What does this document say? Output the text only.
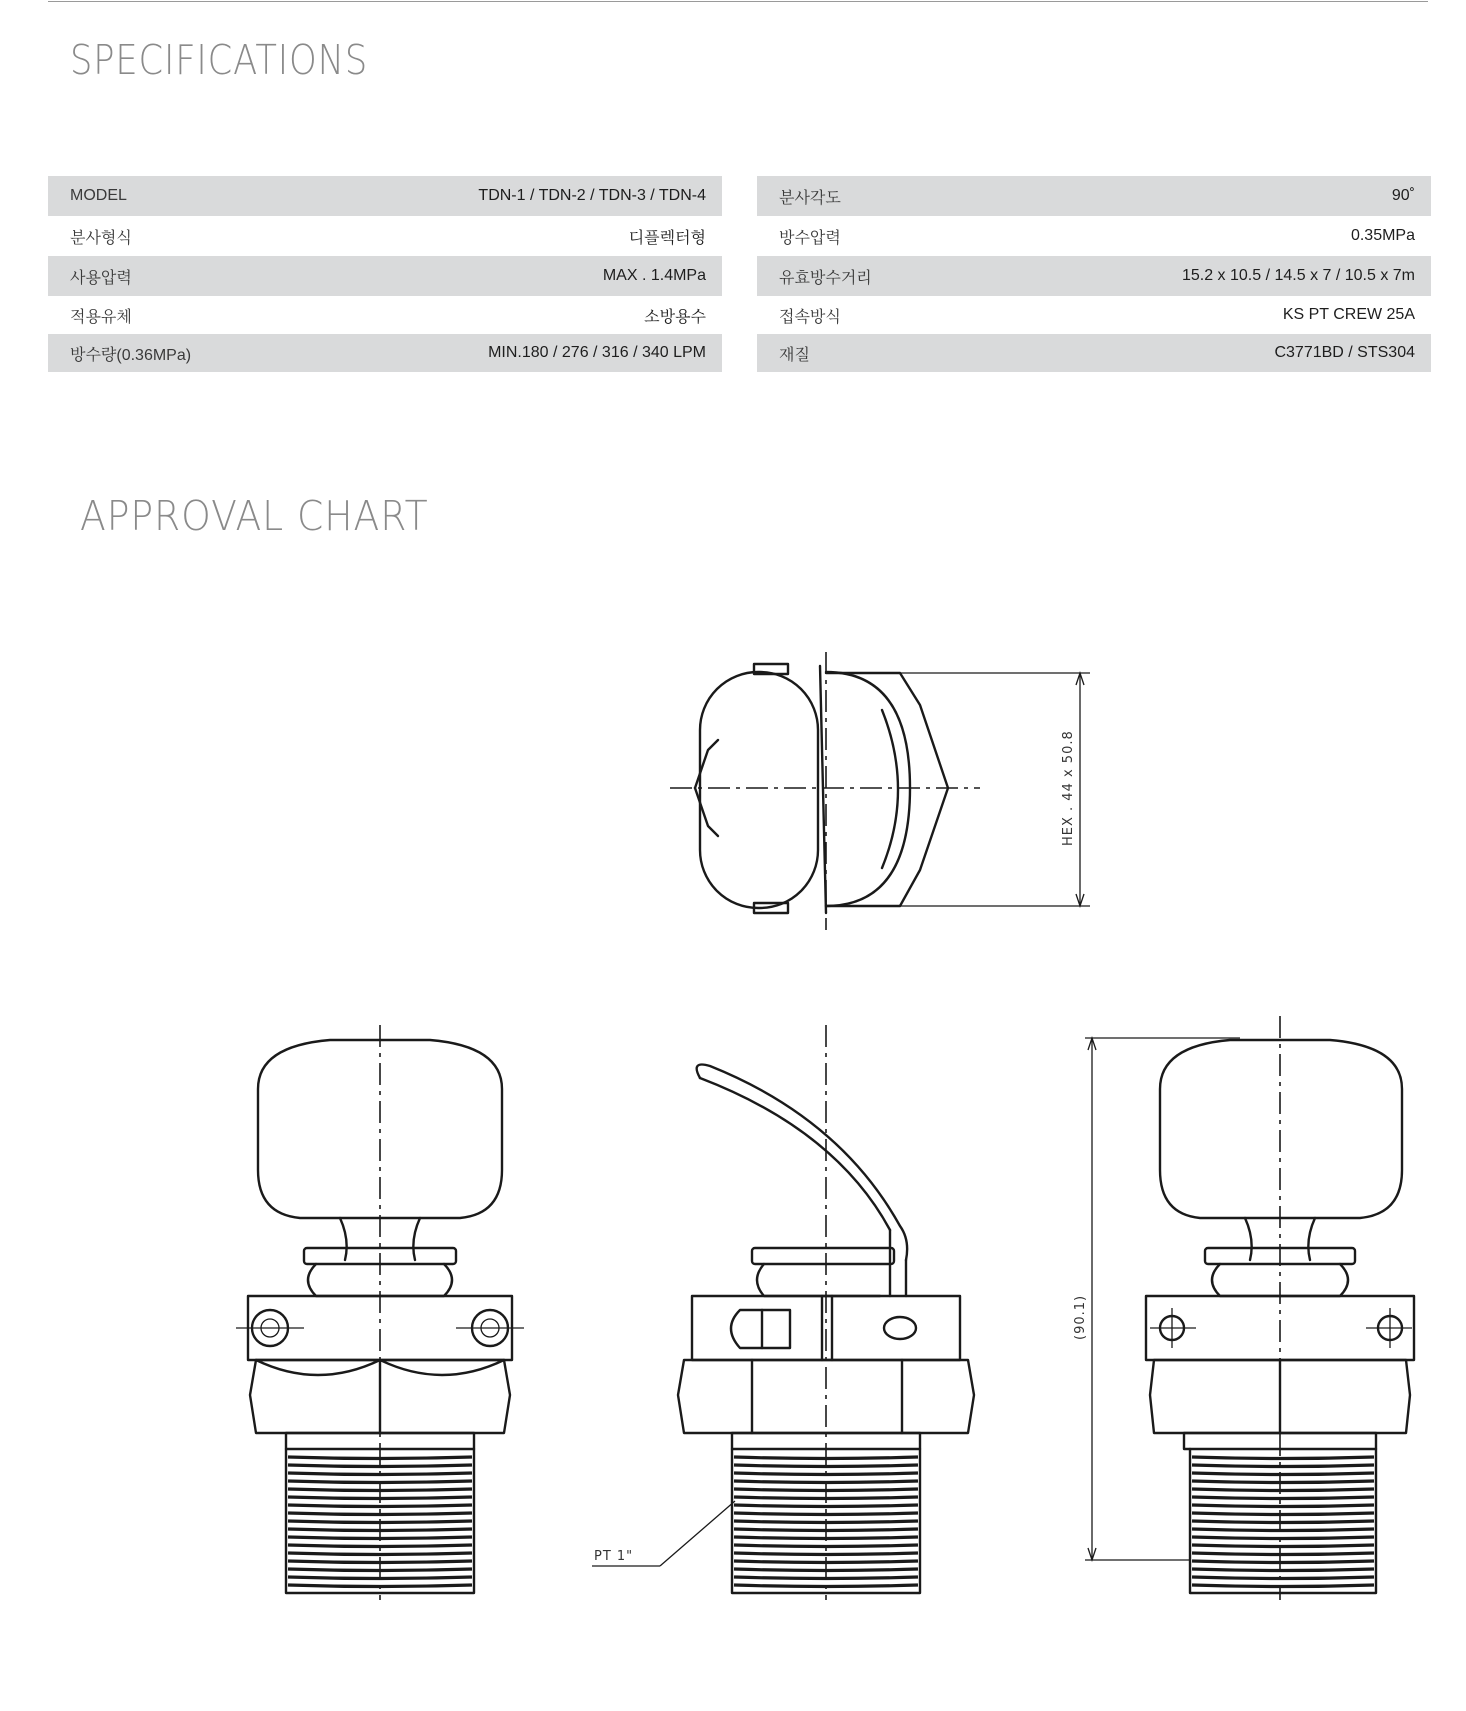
SPECIFICATIONS
MODEL	TDN-1 / TDN-2 / TDN-3 / TDN-4
분사형식	디플렉터형
사용압력	MAX . 1.4MPa
적용유체	소방용수
방수량(0.36MPa)	MIN.180 / 276 / 316 / 340 LPM
분사각도	90˚
방수압력	0.35MPa
유효방수거리	15.2 x 10.5 / 14.5 x 7 / 10.5 x 7m
접속방식	KS PT CREW 25A
재질	C3771BD / STS304
APPROVAL CHART
HEX . 44 x 50.8
PT 1"
(90.1)
